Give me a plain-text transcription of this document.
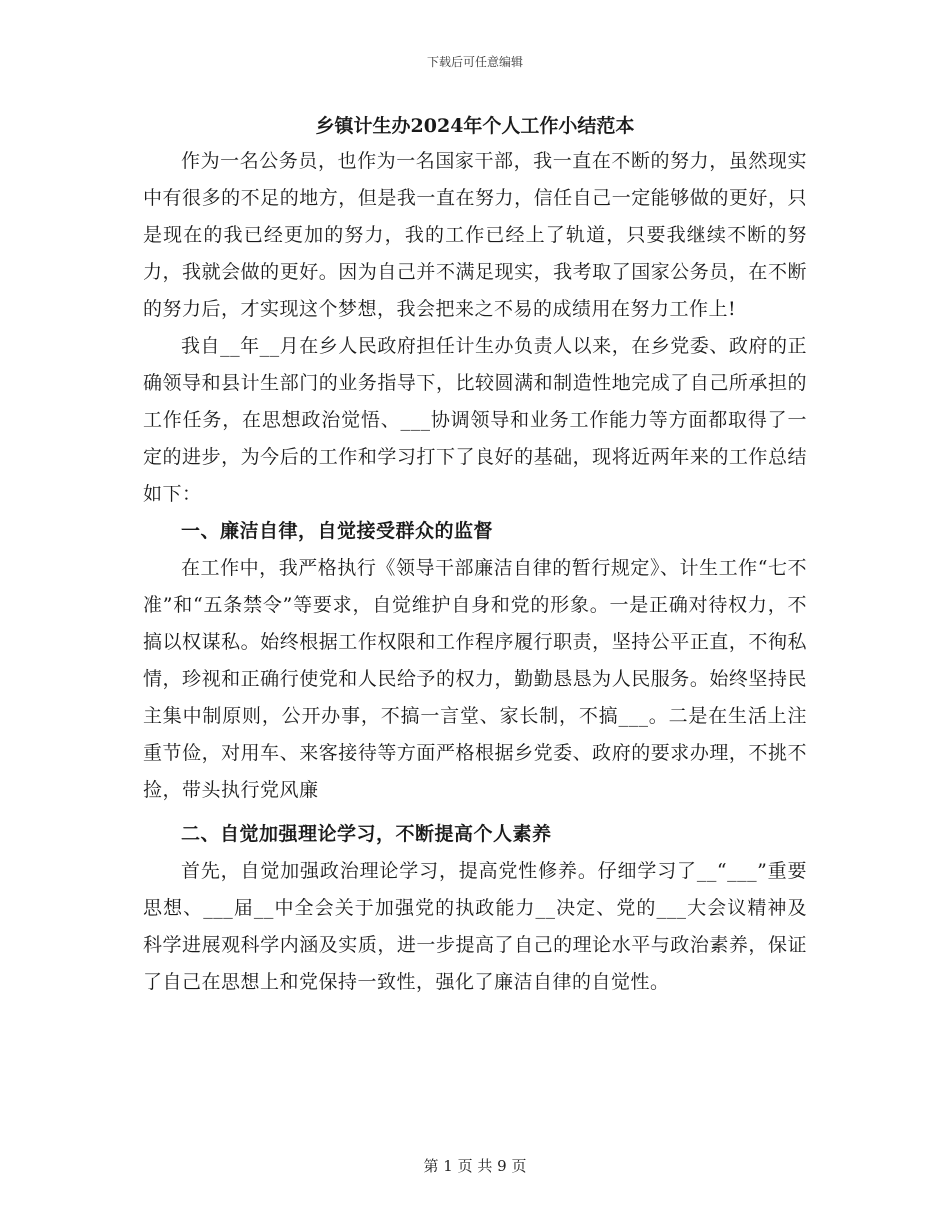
下载后可任意编辑
乡镇计生办2024年个人工作小结范本

作为一名公务员，也作为一名国家干部，我一直在不断的努力，虽然现实中有很多的不足的地方，但是我一直在努力，信任自己一定能够做的更好，只是现在的我已经更加的努力，我的工作已经上了轨道，只要我继续不断的努力，我就会做的更好。因为自己并不满足现实，我考取了国家公务员，在不断的努力后，才实现这个梦想，我会把来之不易的成绩用在努力工作上!

我自__年__月在乡人民政府担任计生办负责人以来，在乡党委、政府的正确领导和县计生部门的业务指导下，比较圆满和制造性地完成了自己所承担的工作任务，在思想政治觉悟、___协调领导和业务工作能力等方面都取得了一定的进步，为今后的工作和学习打下了良好的基础，现将近两年来的工作总结如下：

一、廉洁自律，自觉接受群众的监督

在工作中，我严格执行《领导干部廉洁自律的暂行规定》、计生工作“七不准”和“五条禁令”等要求，自觉维护自身和党的形象。一是正确对待权力，不搞以权谋私。始终根据工作权限和工作程序履行职责，坚持公平正直，不徇私情，珍视和正确行使党和人民给予的权力，勤勤恳恳为人民服务。始终坚持民主集中制原则，公开办事，不搞一言堂、家长制，不搞___。二是在生活上注重节俭，对用车、来客接待等方面严格根据乡党委、政府的要求办理，不挑不捡，带头执行党风廉

二、自觉加强理论学习，不断提高个人素养

首先，自觉加强政治理论学习，提高党性修养。仔细学习了__“___”重要思想、___届__中全会关于加强党的执政能力__决定、党的___大会议精神及科学进展观科学内涵及实质，进一步提高了自己的理论水平与政治素养，保证了自己在思想上和党保持一致性，强化了廉洁自律的自觉性。

第 1 页 共 9 页
